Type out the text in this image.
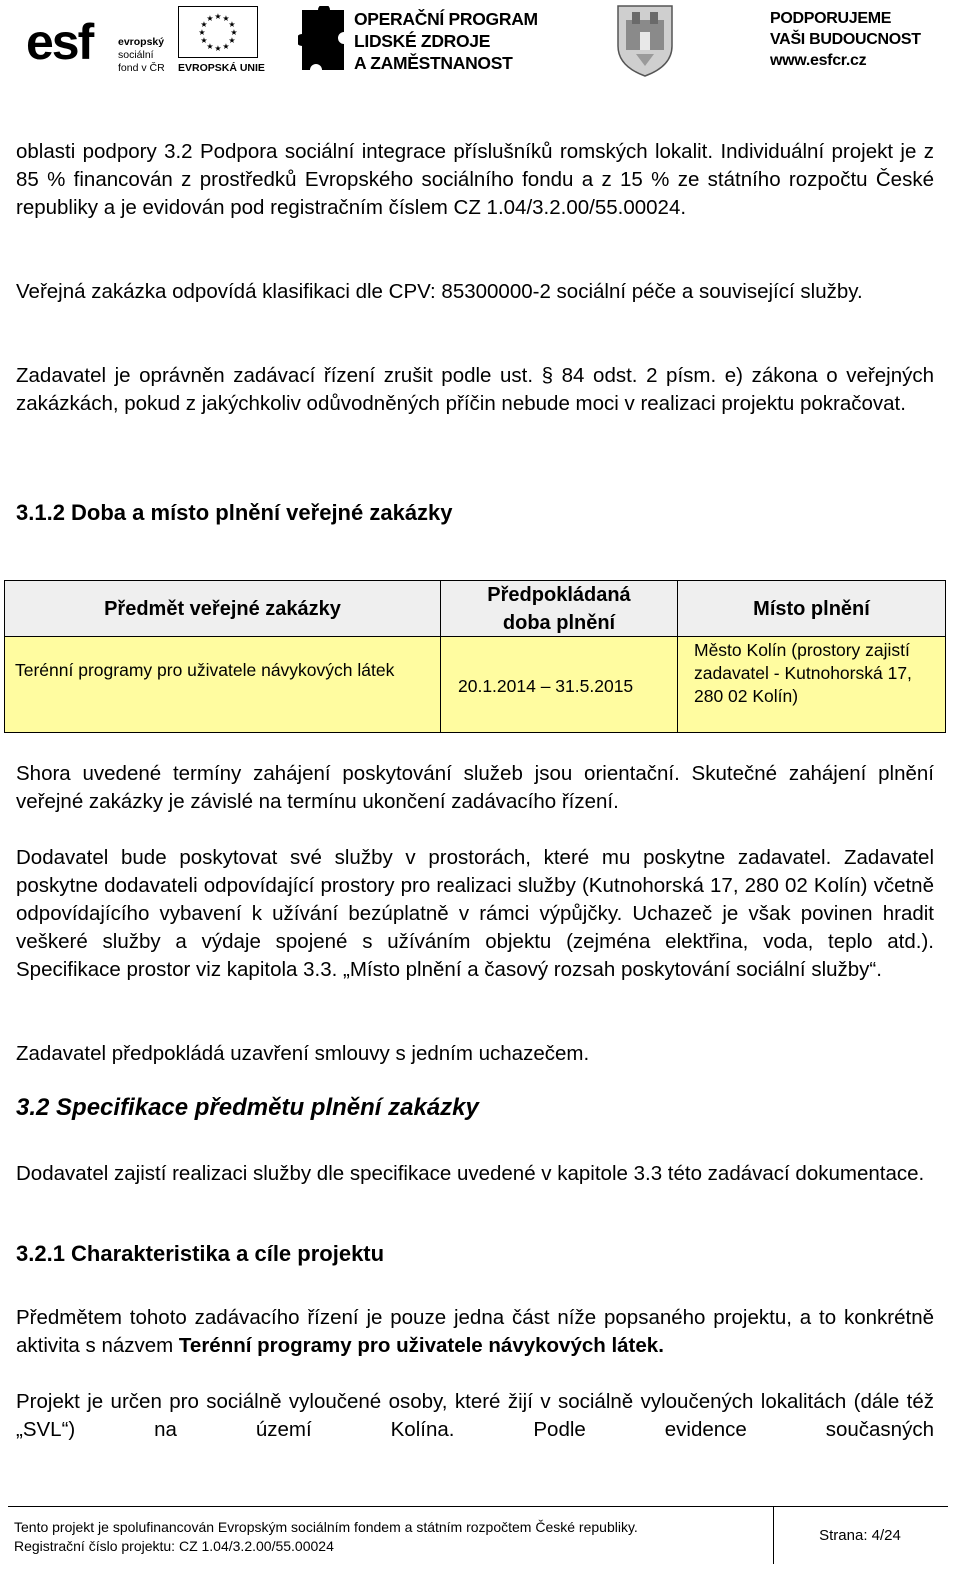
esf evropský
sociální
fond v ČR
★ ★
★
★
★
★
★
★
★
★
★
★
EVROPSKÁ UNIE
OPERAČNÍ PROGRAM
LIDSKÉ ZDROJE
A ZAMĚSTNANOST
PODPORUJEME
VAŠI BUDOUCNOST
www.esfcr.cz
oblasti podpory 3.2 Podpora sociální integrace příslušníků romských lokalit. Individuální projekt je z 85 % financován z prostředků Evropského sociálního fondu a z 15 % ze státního rozpočtu České republiky a je evidován pod registračním číslem CZ 1.04/3.2.00/55.00024.
Veřejná zakázka odpovídá klasifikaci dle CPV: 85300000-2 sociální péče a související služby.
Zadavatel je oprávněn zadávací řízení zrušit podle ust. § 84 odst. 2 písm. e) zákona o veřejných zakázkách, pokud z jakýchkoliv odůvodněných příčin nebude moci v realizaci projektu pokračovat.
3.1.2 Doba a místo plnění veřejné zakázky
Předmět veřejné zakázky
Předpokládaná doba plnění
Místo plnění
Terénní programy pro uživatele návykových látek
20.1.2014 – 31.5.2015
Město Kolín (prostory zajistí zadavatel - Kutnohorská 17, 280 02 Kolín)
Shora uvedené termíny zahájení poskytování služeb jsou orientační. Skutečné zahájení plnění veřejné zakázky je závislé na termínu ukončení zadávacího řízení.
Dodavatel bude poskytovat své služby v prostorách, které mu poskytne zadavatel. Zadavatel poskytne dodavateli odpovídající prostory pro realizaci služby (Kutnohorská 17, 280 02 Kolín) včetně odpovídajícího vybavení k užívání bezúplatně v rámci výpůjčky. Uchazeč je však povinen hradit veškeré služby a výdaje spojené s užíváním objektu (zejména elektřina, voda, teplo atd.). Specifikace prostor viz kapitola 3.3. „Místo plnění a časový rozsah poskytování sociální služby“.
Zadavatel předpokládá uzavření smlouvy s jedním uchazečem.
3.2 Specifikace předmětu plnění zakázky
Dodavatel zajistí realizaci služby dle specifikace uvedené v kapitole 3.3 této zadávací dokumentace.
3.2.1 Charakteristika a cíle projektu
Předmětem tohoto zadávacího řízení je pouze jedna část níže popsaného projektu, a to konkrétně aktivita s názvem Terénní programy pro uživatele návykových látek.
Projekt je určen pro sociálně vyloučené osoby, které žijí v sociálně vyloučených lokalitách (dále též „SVL“) na území Kolína. Podle evidence současných
Tento projekt je spolufinancován Evropským sociálním fondem a státním rozpočtem České republiky.
Registrační číslo projektu: CZ 1.04/3.2.00/55.00024
Strana: 4/24
